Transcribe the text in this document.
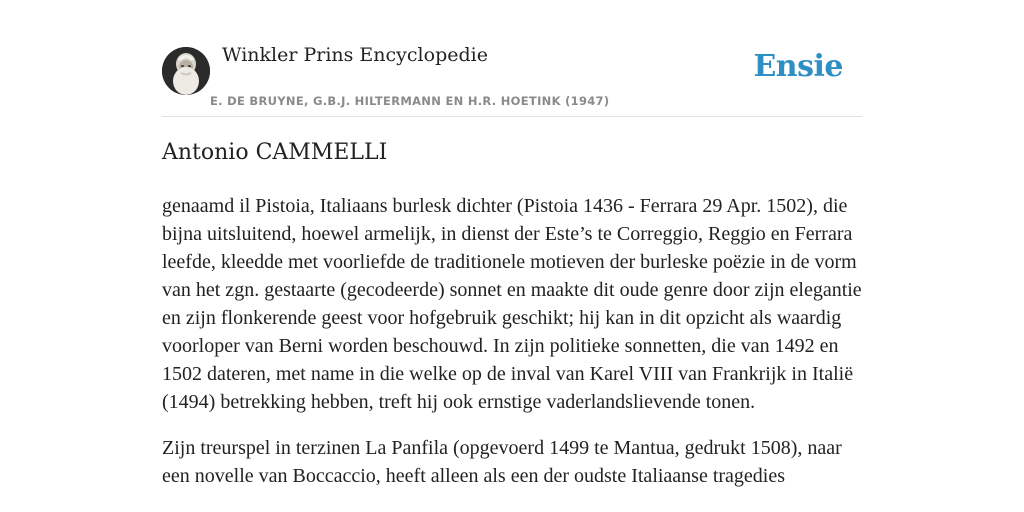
Winkler Prins Encyclopedie
E. DE BRUYNE, G.B.J. HILTERMANN EN H.R. HOETINK (1947)
Ensie
Antonio CAMMELLI

genaamd il Pistoia, Italiaans burlesk dichter (Pistoia 1436 - Ferrara 29 Apr. 1502), die bijna uitsluitend, hoewel armelijk, in dienst der Este’s te Correggio, Reggio en Ferrara leefde, kleedde met voorliefde de traditionele motieven der burleske poëzie in de vorm van het zgn. gestaarte (gecodeerde) sonnet en maakte dit oude genre door zijn elegantie en zijn flonkerende geest voor hofgebruik geschikt; hij kan in dit opzicht als waardig voorloper van Berni worden beschouwd. In zijn politieke sonnetten, die van 1492 en 1502 dateren, met name in die welke op de inval van Karel VIII van Frankrijk in Italië (1494) betrekking hebben, treft hij ook ernstige vaderlandslievende tonen.

Zijn treurspel in terzinen La Panfila (opgevoerd 1499 te Mantua, gedrukt 1508), naar een novelle van Boccaccio, heeft alleen als een der oudste Italiaanse tragedies
